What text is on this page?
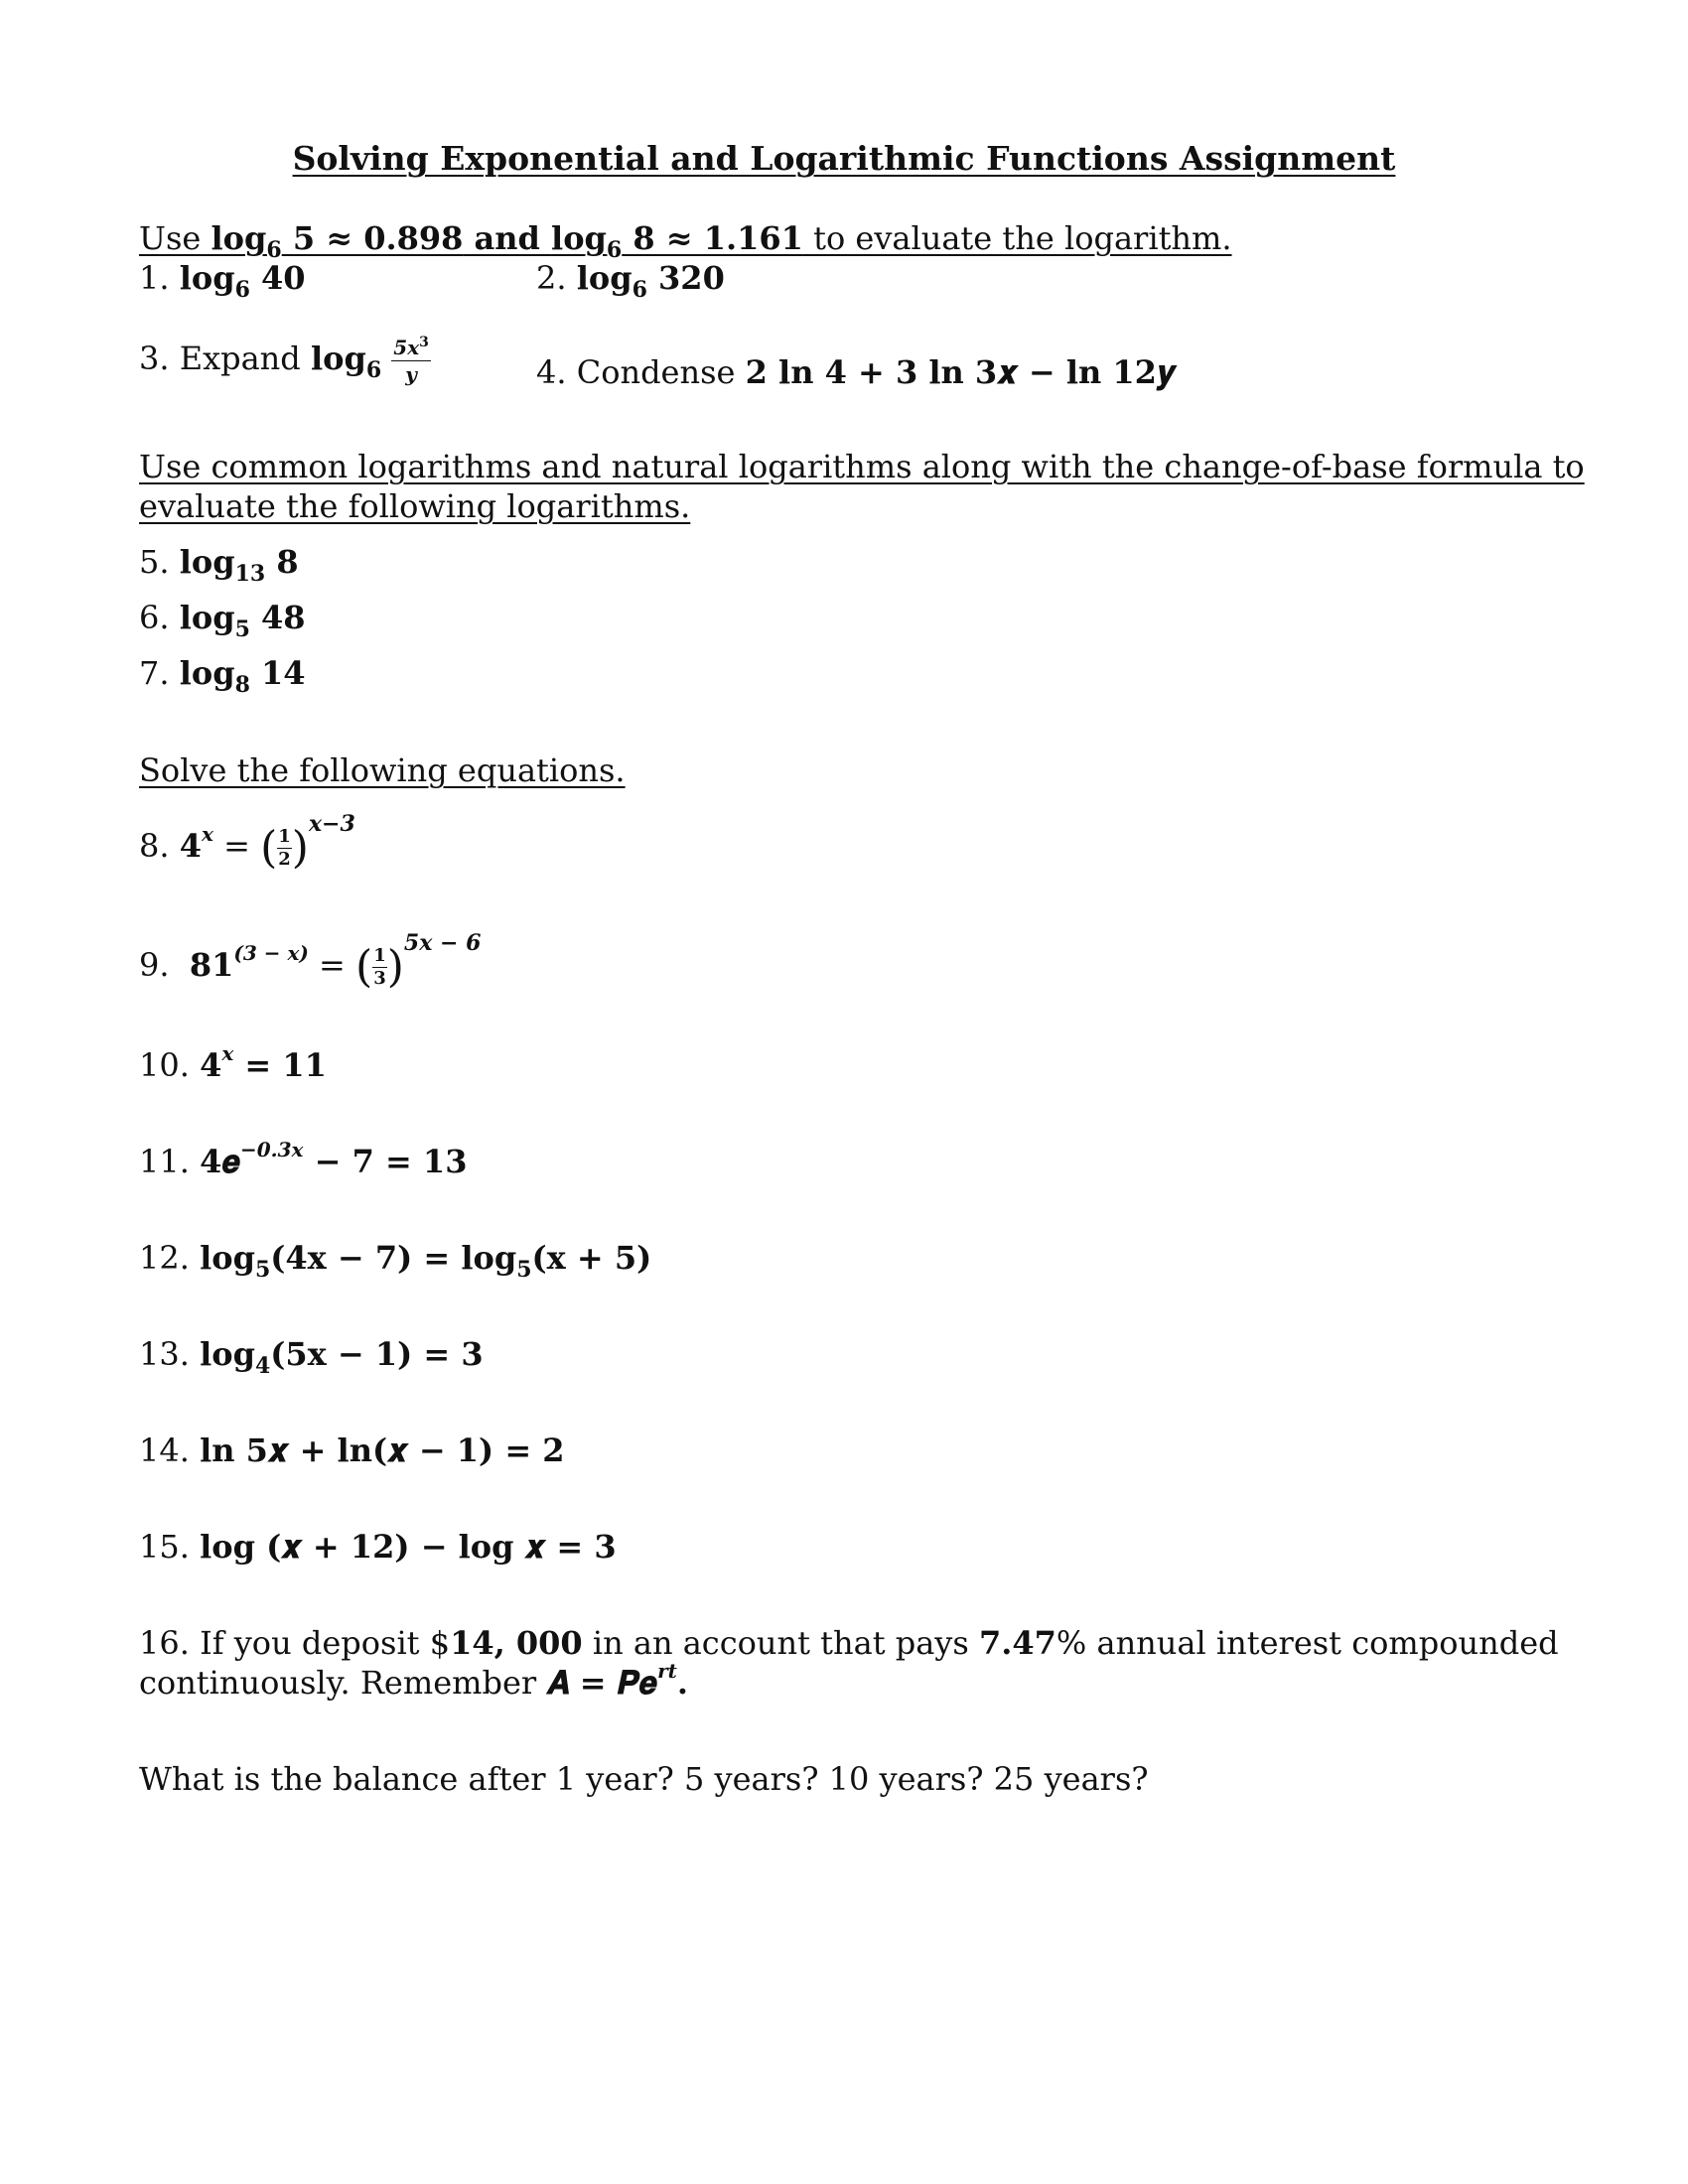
Solving Exponential and Logarithmic Functions Assignment
Use $\log_6 5 \approx 0.898$ and $\log_6 8 \approx 1.161$ to evaluate the logarithm.
1. $\log_6 40$	2. $\log_6 320$
3. Expand $\log_6 \frac{5x^3}{y}$	4. Condense 2 ln 4 + 3 ln 3𝒙 − ln 12𝒚
Use common logarithms and natural logarithms along with the change-of-base formula to
evaluate the following logarithms.
5. $\log_{13} 8$
6. $\log_5 48$
7. $\log_8 14$
Solve the following equations.
8. $4^x$ = ( $\frac{1}{2} )^{x-3}$
9. $81^{(3 - x)}$ = ( $\frac{1}{3} )^{5x - 6}$
10. $4^x = 11$
11. 4𝒆$^{-0.3x}$ − 7 = 13
12. $\log_5(4x - 7) = \log_5(x + 5)$
13. $\log_4(5x - 1) = 3$
14. ln 5𝒙 + ln(𝒙 − 1) = 2
15. log (𝒙 + 12) − log 𝒙 = 3
16. If you deposit $14, 000 in an account that pays 7.47% annual interest compounded
continuously. Remember 𝑨 = 𝑷𝒆$^{rt}$.
What is the balance after 1 year? 5 years? 10 years? 25 years?
